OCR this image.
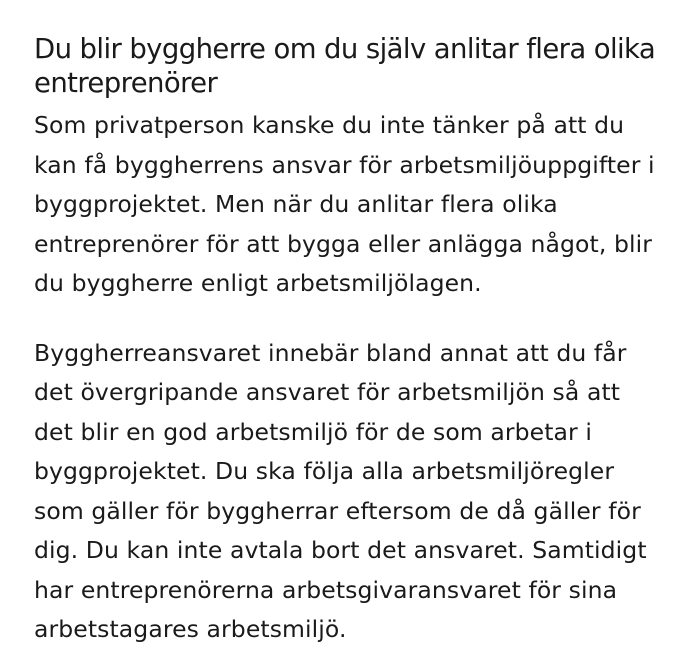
Du blir byggherre om du själv anlitar flera olika
entreprenörer

Som privatperson kanske du inte tänker på att du
kan få byggherrens ansvar för arbetsmiljöuppgifter i
byggprojektet. Men när du anlitar flera olika
entreprenörer för att bygga eller anlägga något, blir
du byggherre enligt arbetsmiljölagen.

Byggherreansvaret innebär bland annat att du får
det övergripande ansvaret för arbetsmiljön så att
det blir en god arbetsmiljö för de som arbetar i
byggprojektet. Du ska följa alla arbetsmiljöregler
som gäller för byggherrar eftersom de då gäller för
dig. Du kan inte avtala bort det ansvaret. Samtidigt
har entreprenörerna arbetsgivaransvaret för sina
arbetstagares arbetsmiljö.
